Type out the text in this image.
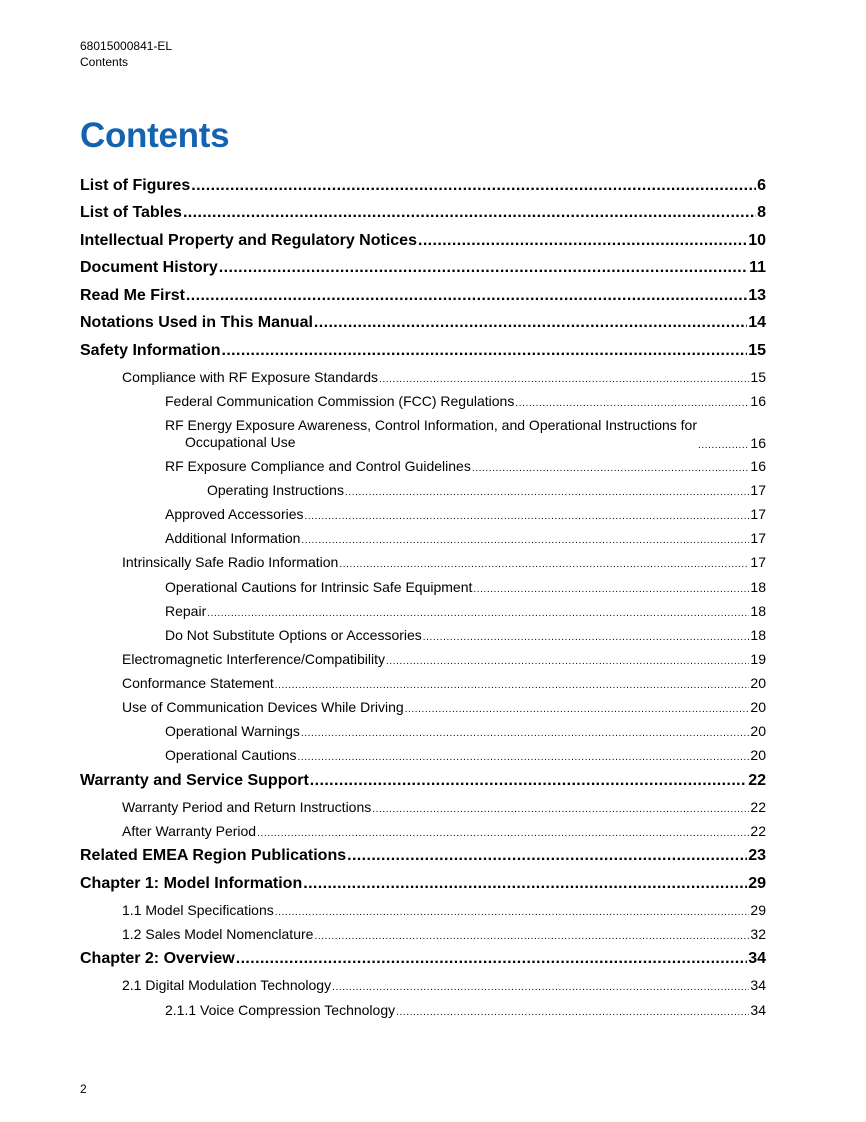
68015000841-EL
Contents
Contents
List of Figures .....	6
List of Tables .....	8
Intellectual Property and Regulatory Notices .....	10
Document History .....	11
Read Me First .....	13
Notations Used in This Manual .....	14
Safety Information .....	15
Compliance with RF Exposure Standards .....	15
Federal Communication Commission (FCC) Regulations .....	16
RF Energy Exposure Awareness, Control Information, and Operational Instructions for
Occupational Use .....	16
RF Exposure Compliance and Control Guidelines .....	16
Operating Instructions .....	17
Approved Accessories .....	17
Additional Information .....	17
Intrinsically Safe Radio Information .....	17
Operational Cautions for Intrinsic Safe Equipment .....	18
Repair .....	18
Do Not Substitute Options or Accessories .....	18
Electromagnetic Interference/Compatibility .....	19
Conformance Statement .....	20
Use of Communication Devices While Driving .....	20
Operational Warnings .....	20
Operational Cautions .....	20
Warranty and Service Support .....	22
Warranty Period and Return Instructions .....	22
After Warranty Period .....	22
Related EMEA Region Publications .....	23
Chapter 1: Model Information .....	29
1.1 Model Specifications .....	29
1.2 Sales Model Nomenclature .....	32
Chapter 2: Overview .....	34
2.1 Digital Modulation Technology .....	34
2.1.1 Voice Compression Technology .....	34
2
